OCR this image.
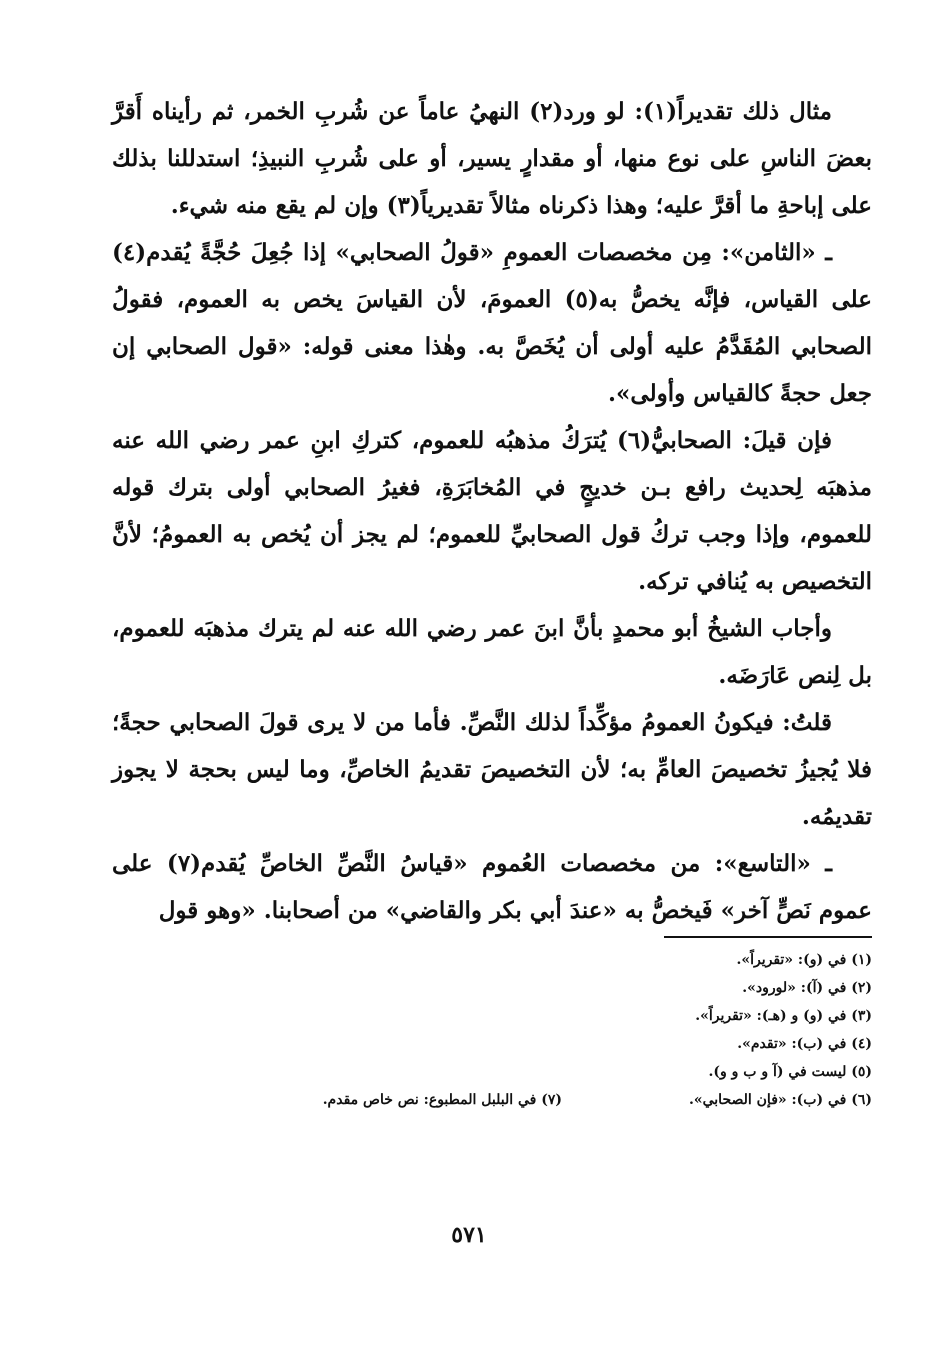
مثال ذلك تقديراً(١): لو ورد(٢) النهيُ عاماً عن شُربِ الخمر، ثم رأيناه أَقرَّ بعضَ الناسِ على نوع منها، أو مقدارٍ يسير، أو على شُربِ النبيذِ؛ استدللنا بذلك على إباحةِ ما أقرَّ عليه؛ وهذا ذكرناه مثالاً تقديرياً(٣) وإن لم يقع منه شيء.

ـ «الثامن»: مِن مخصصات العمومِ «قولُ الصحابي» إذا جُعِلَ حُجَّةً يُقدم(٤) على القياس، فإنَّه يخصُّ به(٥) العمومَ، لأن القياسَ يخص به العموم، فقولُ الصحابي المُقَدَّمُ عليه أولى أن يُخَصَّ به. وهٰذا معنى قوله: «قول الصحابي إن جعل حجةً كالقياس وأولى».

فإن قيلَ: الصحابيُّ(٦) يُترَكُ مذهبُه للعموم، كتركِ ابنِ عمر رضي الله عنه مذهبَه لِحديث رافع بـن خديجٍ في المُخابَرَةِ، فغيرُ الصحابي أولى بترك قوله للعموم، وإذا وجب تركُ قول الصحابيِّ للعموم؛ لم يجز أن يُخص به العمومُ؛ لأنَّ التخصيص به يُنافي تركه.

وأجاب الشيخُ أبو محمدٍ بأنَّ ابنَ عمر رضي الله عنه لم يترك مذهبَه للعموم، بل لِنص عَارَضَه.

قلتُ: فيكونُ العمومُ مؤكِّداً لذلك النَّصِّ. فأما من لا يرى قولَ الصحابي حجةً؛ فلا يُجيزُ تخصيصَ العامِّ به؛ لأن التخصيصَ تقديمُ الخاصِّ، وما ليس بحجة لا يجوز تقديمُه.

ـ «التاسع»: من مخصصات العُموم «قياسُ النَّصِّ الخاصِّ يُقدم(٧) على عموم نَصٍّ آخر» فَيخصُّ به «عندَ أبي بكر والقاضي» من أصحابنا. «وهو قول

(١) في (و): «تقريراً».
(٢) في (آ): «لورود».
(٣) في (و) و (هـ): «تقريراً».
(٤) في (ب): «تقدم».
(٥) ليست في (آ و ب و و).
(٦) في (ب): «فإن الصحابي».
(٧) في البلبل المطبوع: نص خاص مقدم.
٥٧١
